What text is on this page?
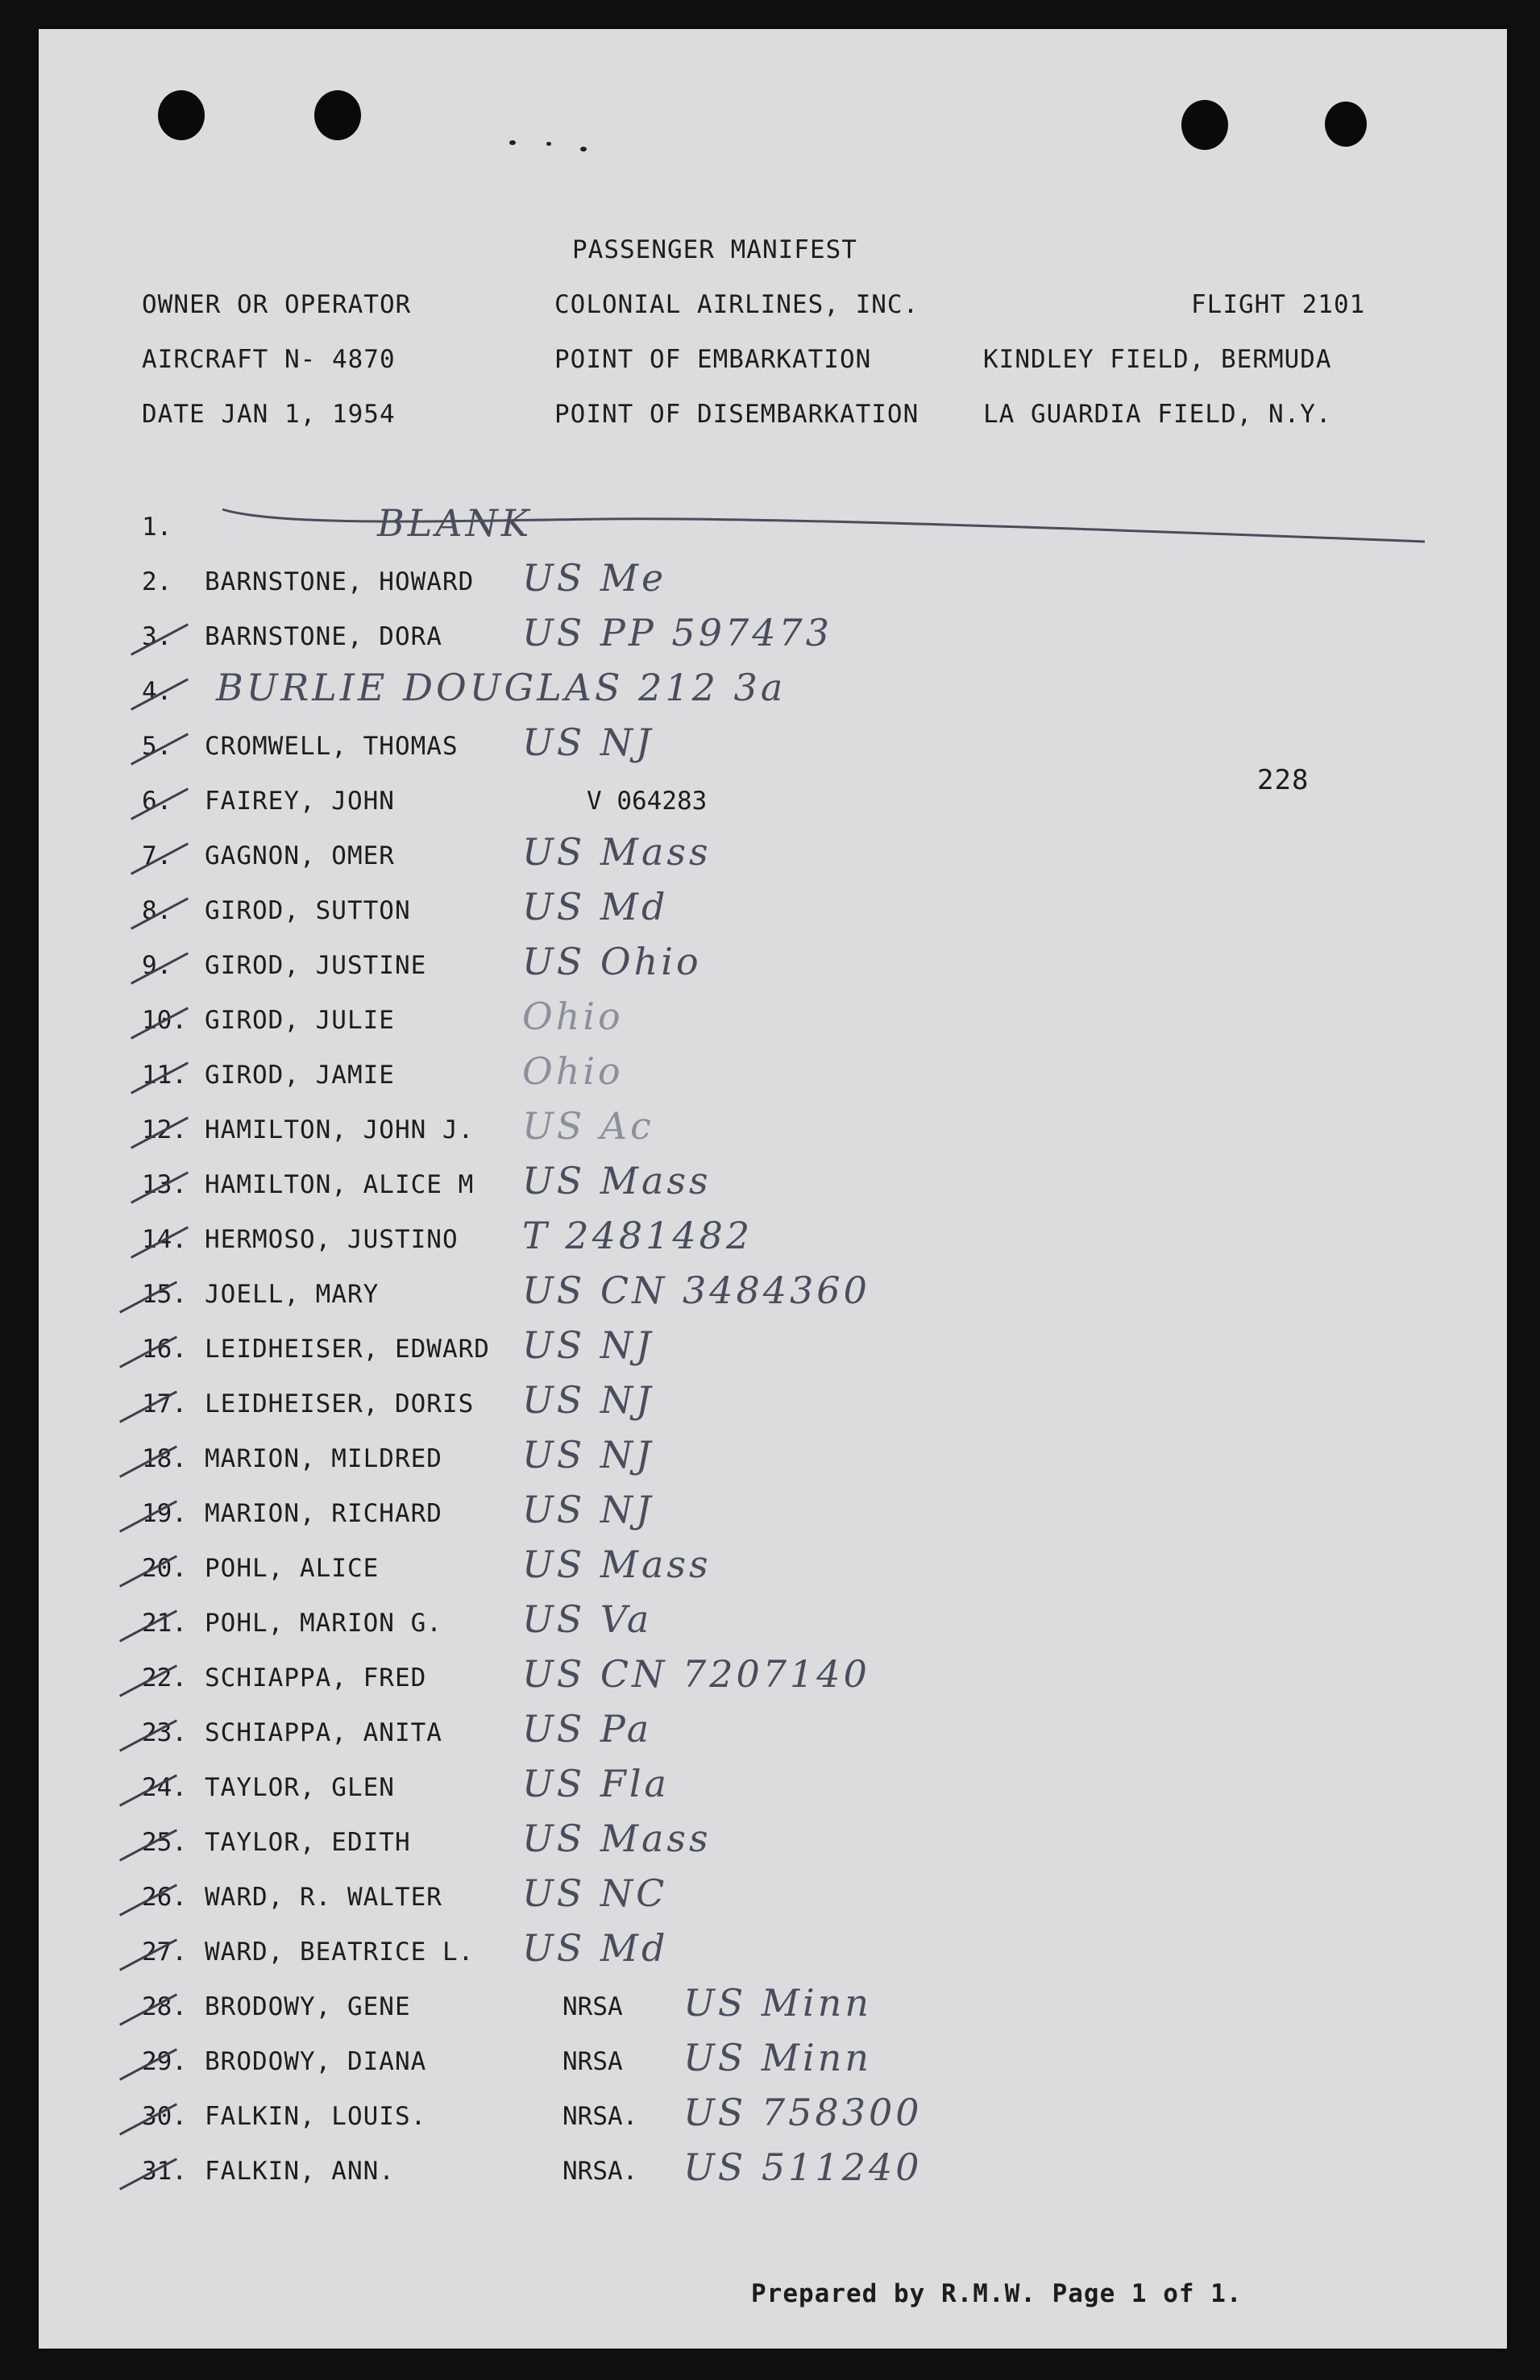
PASSENGER MANIFEST
OWNER OR OPERATOR	COLONIAL AIRLINES, INC.	FLIGHT 2101
AIRCRAFT N- 4870	POINT OF EMBARKATION	KINDLEY FIELD, BERMUDA
DATE JAN 1, 1954	POINT OF DISEMBARKATION	LA GUARDIA FIELD, N.Y.
228
1.	BLANK
2.	BARNSTONE, HOWARD US Me
3.	BARNSTONE, DORA US PP 597473
4.	BURLIE DOUGLAS 212 3a
5.	CROMWELL, THOMAS US NJ
6.	FAIREY, JOHN	V 064283
7.	GAGNON, OMER	US Mass
8.	GIROD, SUTTON	US Md
9.	GIROD, JUSTINE	US Ohio
10. GIROD, JULIE	Ohio
11. GIROD, JAMIE	Ohio
12. HAMILTON, JOHN J. US Ac
13. HAMILTON, ALICE M US Mass
14. HERMOSO, JUSTINO T 2481482
15. JOELL, MARY	US CN 3484360
16. LEIDHEISER, EDWARD US NJ
17. LEIDHEISER, DORIS US NJ
18. MARION, MILDRED US NJ
19. MARION, RICHARD US NJ
20. POHL, ALICE	US Mass
21. POHL, MARION G. US Va
22. SCHIAPPA, FRED	US CN 7207140
23. SCHIAPPA, ANITA US Pa
24. TAYLOR, GLEN	US Fla
25. TAYLOR, EDITH	US Mass
26. WARD, R. WALTER US NC
27. WARD, BEATRICE L. US Md
28. BRODOWY, GENE	NRSA US Minn
29. BRODOWY, DIANA	NRSA US Minn
30. FALKIN, LOUIS.	NRSA. US 758300
31. FALKIN, ANN.	NRSA. US 511240
Prepared by R.M.W. Page 1 of 1.
